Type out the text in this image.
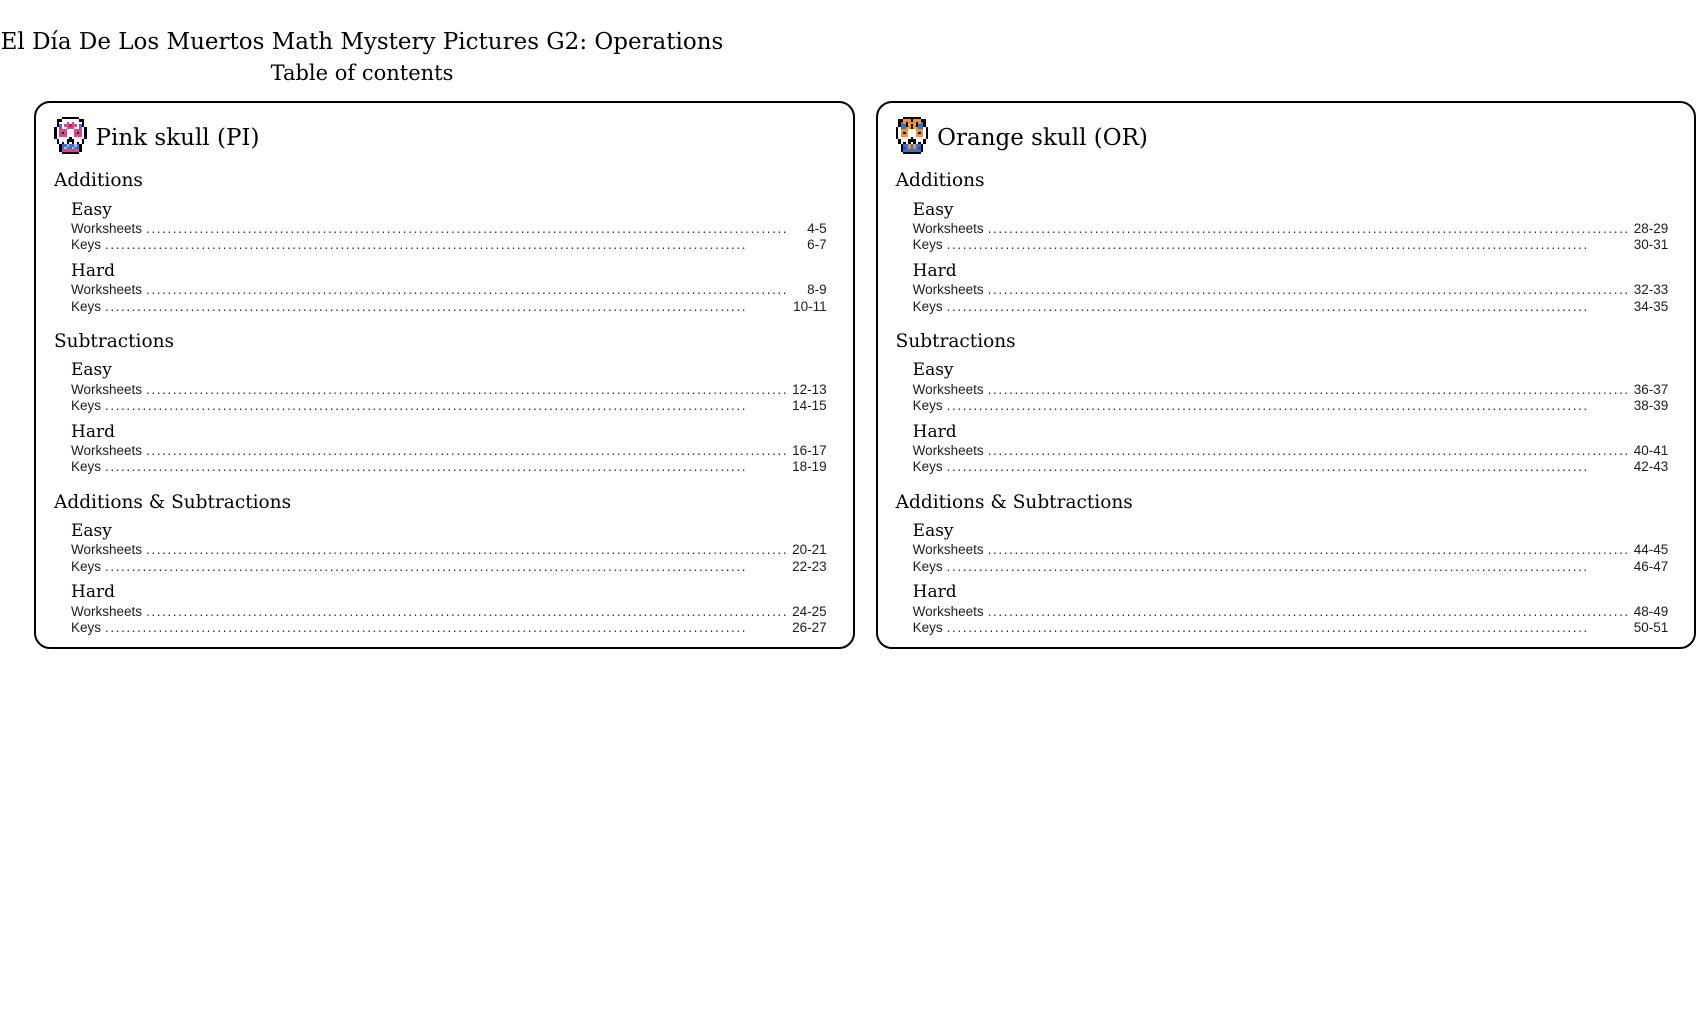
El Día De Los Muertos Math Mystery Pictures G2: Operations
Table of contents
Pink skull (PI)
Additions
Easy
Worksheets ........................................................................................................................	4-5
Keys ........................................................................................................................	6-7
Hard
Worksheets ........................................................................................................................	8-9
Keys ........................................................................................................................	10-11
Subtractions
Easy
Worksheets ........................................................................................................................ 12-13
Keys ........................................................................................................................	14-15
Hard
Worksheets ........................................................................................................................ 16-17
Keys ........................................................................................................................	18-19
Additions & Subtractions
Easy
Worksheets ........................................................................................................................ 20-21
Keys ........................................................................................................................	22-23
Hard
Worksheets ........................................................................................................................ 24-25
Keys ........................................................................................................................	26-27
Orange skull (OR)
Additions
Easy
Worksheets ........................................................................................................................ 28-29
Keys ........................................................................................................................	30-31
Hard
Worksheets ........................................................................................................................ 32-33
Keys ........................................................................................................................	34-35
Subtractions
Easy
Worksheets ........................................................................................................................ 36-37
Keys ........................................................................................................................	38-39
Hard
Worksheets ........................................................................................................................ 40-41
Keys ........................................................................................................................	42-43
Additions & Subtractions
Easy
Worksheets ........................................................................................................................ 44-45
Keys ........................................................................................................................	46-47
Hard
Worksheets ........................................................................................................................ 48-49
Keys ........................................................................................................................	50-51
